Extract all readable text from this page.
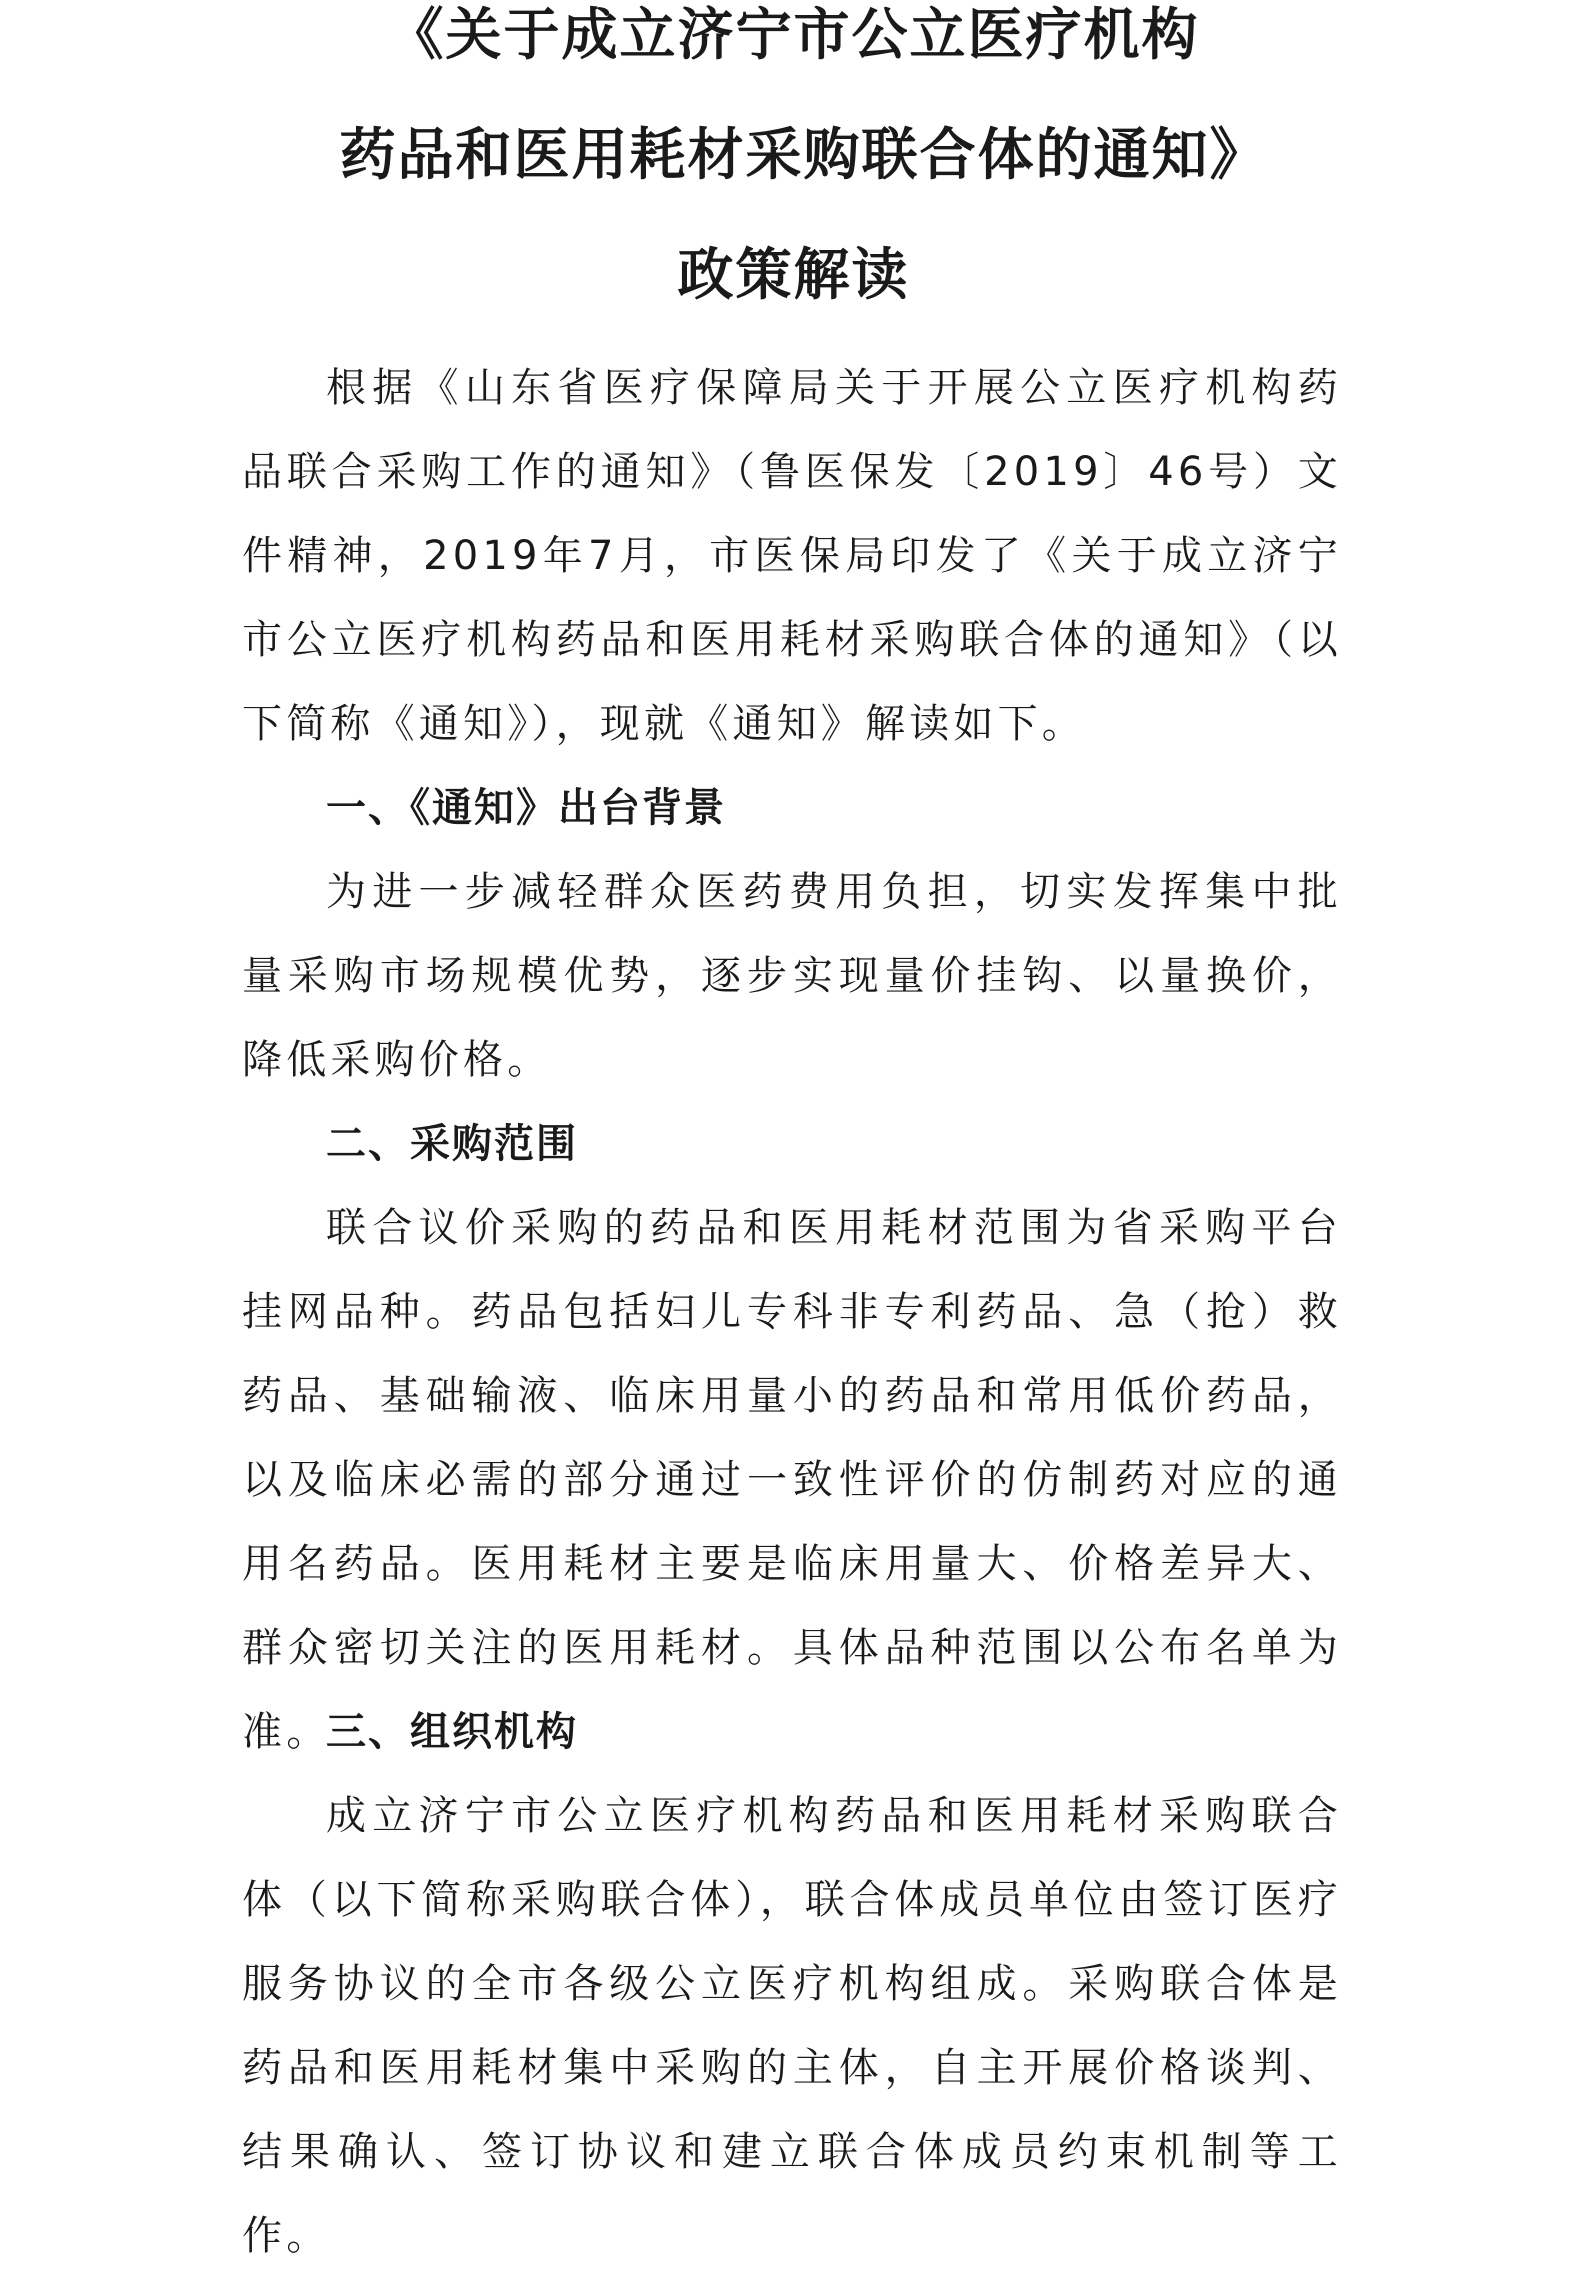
《关于成立济宁市公立医疗机构
药品和医用耗材采购联合体的通知》
政策解读

根据《山东省医疗保障局关于开展公立医疗机构药品联合采购工作的通知》（鲁医保发〔2019〕46号）文件精神，2019年7月，市医保局印发了《关于成立济宁市公立医疗机构药品和医用耗材采购联合体的通知》（以下简称《通知》），现就《通知》解读如下。

一、《通知》出台背景

为进一步减轻群众医药费用负担，切实发挥集中批量采购市场规模优势，逐步实现量价挂钩、以量换价，降低采购价格。

二、采购范围

联合议价采购的药品和医用耗材范围为省采购平台挂网品种。药品包括妇儿专科非专利药品、急（抢）救药品、基础输液、临床用量小的药品和常用低价药品，以及临床必需的部分通过一致性评价的仿制药对应的通用名药品。医用耗材主要是临床用量大、价格差异大、群众密切关注的医用耗材。具体品种范围以公布名单为准。

三、组织机构

成立济宁市公立医疗机构药品和医用耗材采购联合体（以下简称采购联合体），联合体成员单位由签订医疗服务协议的全市各级公立医疗机构组成。采购联合体是药品和医用耗材集中采购的主体，自主开展价格谈判、结果确认、签订协议和建立联合体成员约束机制等工作。
